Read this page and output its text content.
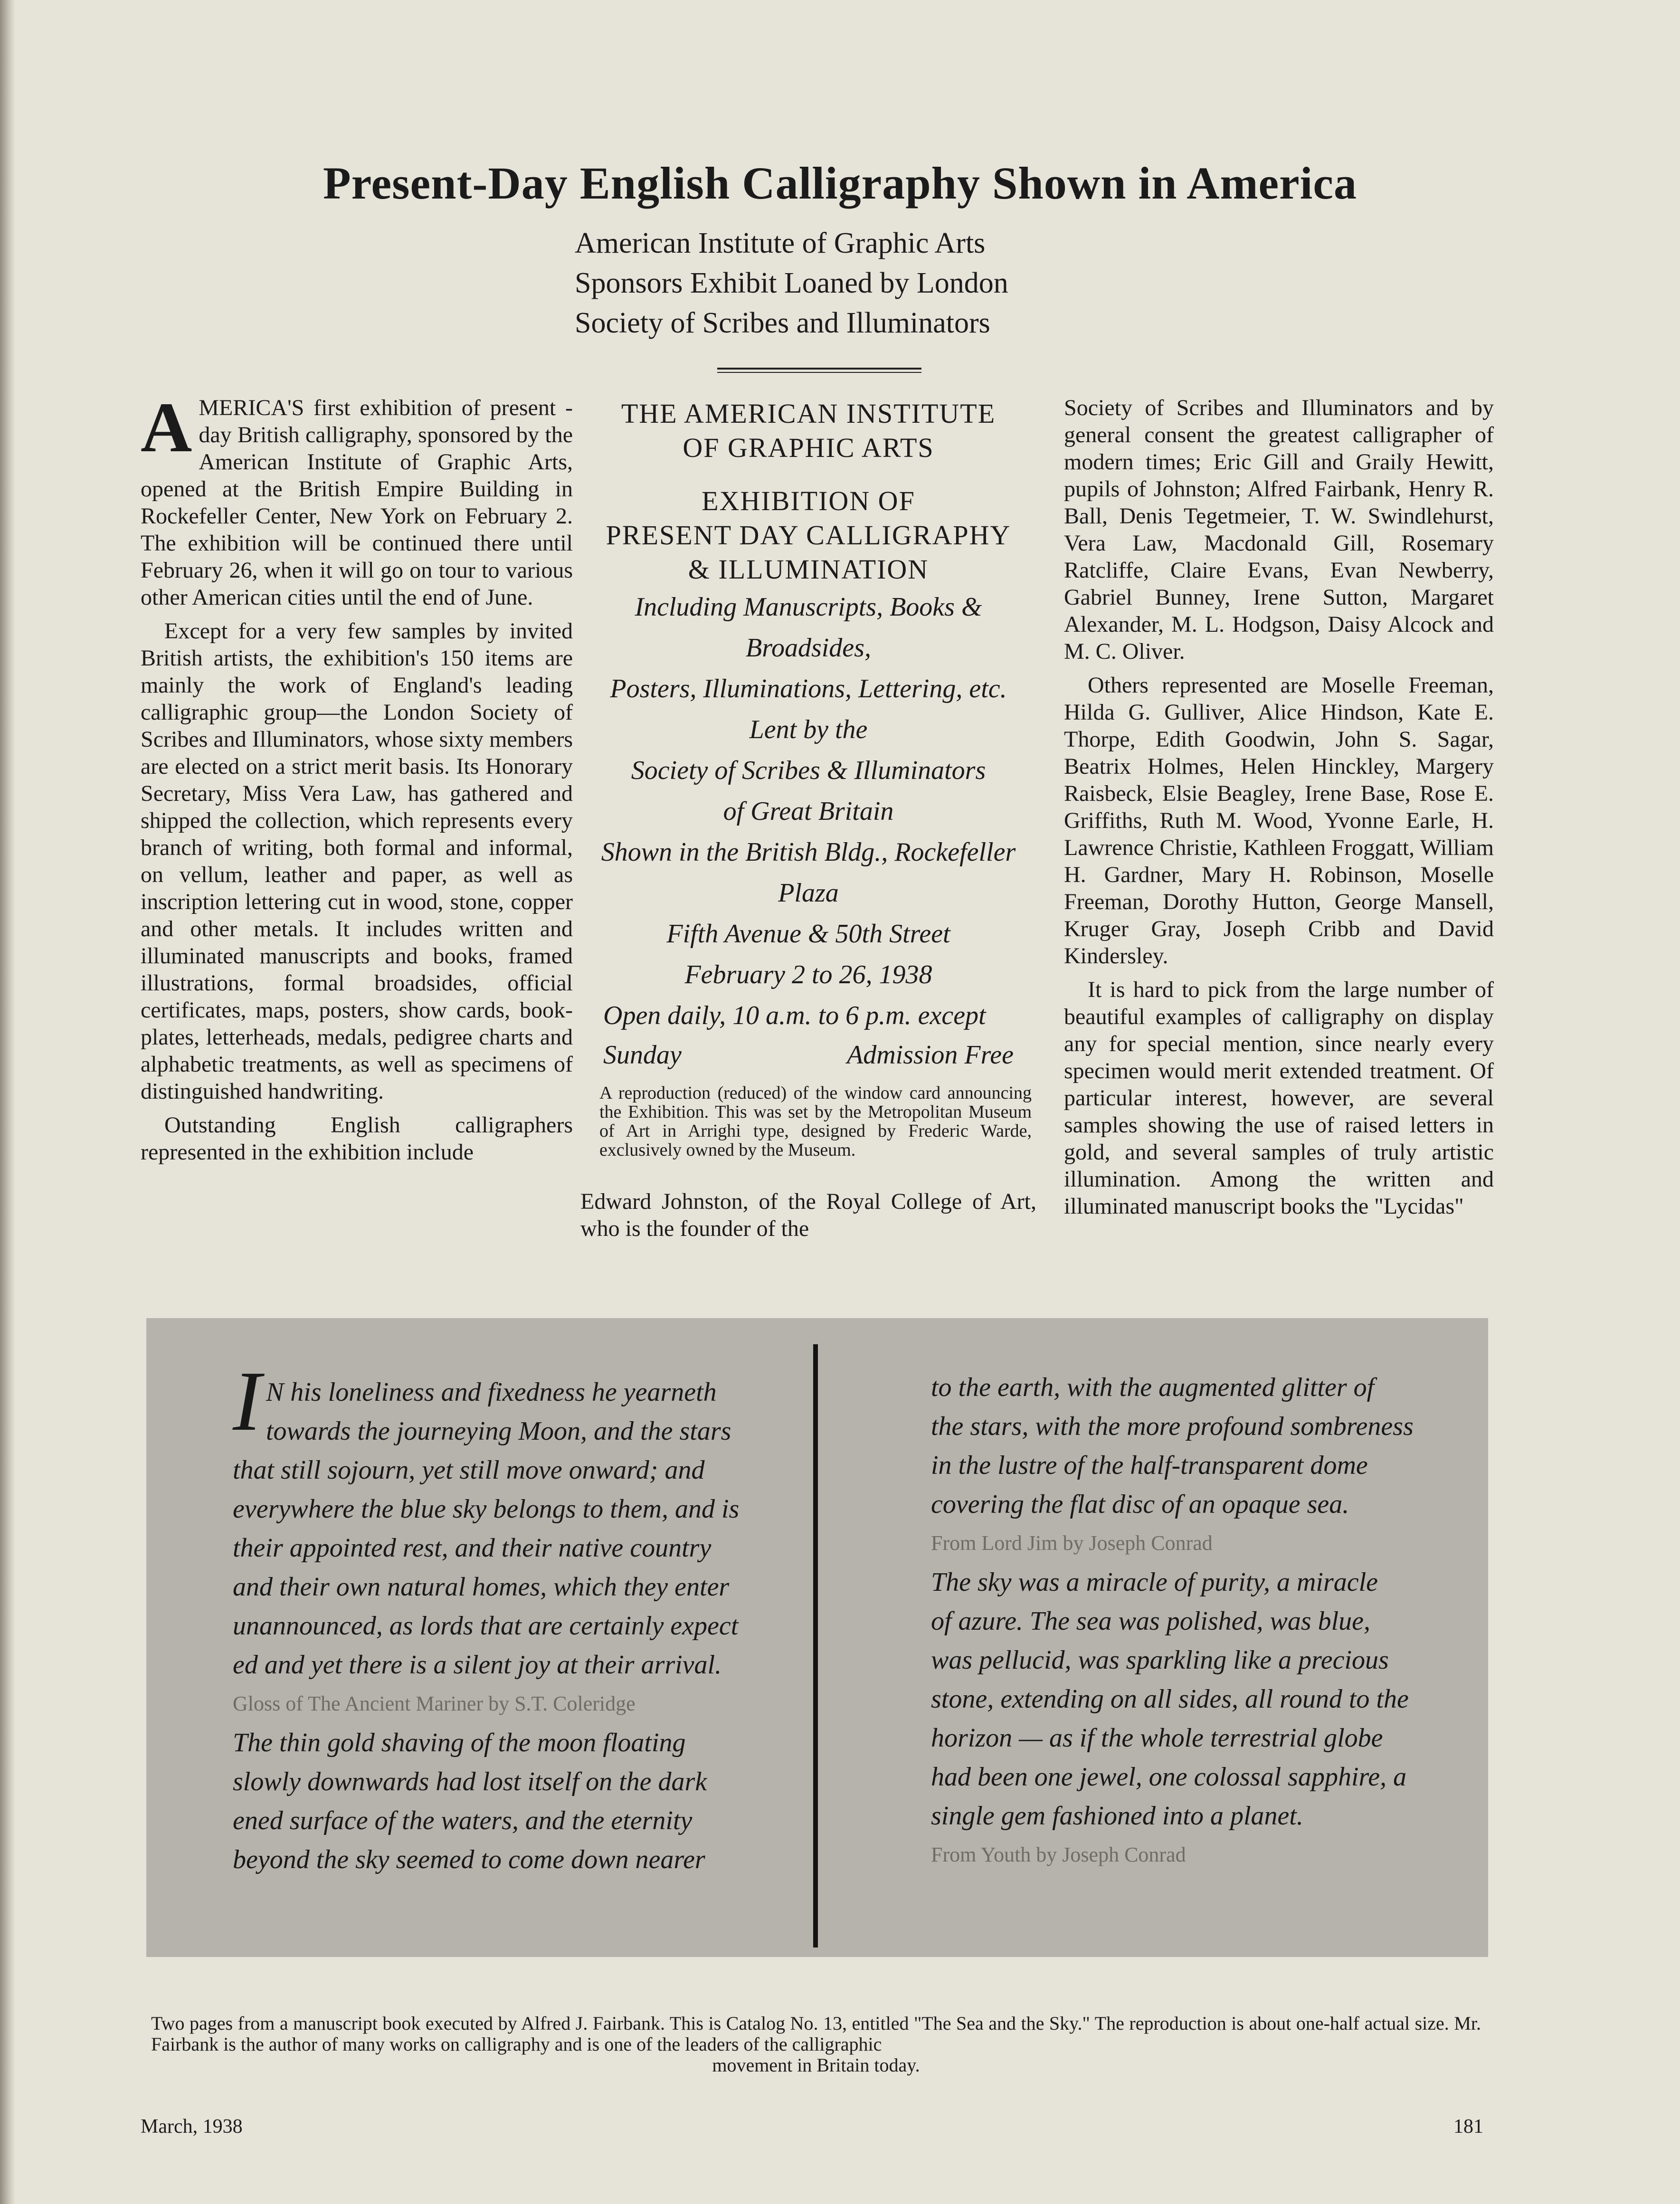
Present-Day English Calligraphy Shown in America
American Institute of Graphic Arts
Sponsors Exhibit Loaned by London
Society of Scribes and Illuminators

AMERICA'S first exhibition of present - day British calligraphy, sponsored by the American Institute of Graphic Arts, opened at the British Empire Building in Rockefeller Center, New York on February 2. The exhibition will be continued there until February 26, when it will go on tour to various other American cities until the end of June.

Except for a very few samples by invited British artists, the exhibition's 150 items are mainly the work of England's leading calligraphic group—the London Society of Scribes and Illuminators, whose sixty members are elected on a strict merit basis. Its Honorary Secretary, Miss Vera Law, has gathered and shipped the collection, which represents every branch of writing, both formal and informal, on vellum, leather and paper, as well as inscription lettering cut in wood, stone, copper and other metals. It includes written and illuminated manuscripts and books, framed illustrations, formal broadsides, official certificates, maps, posters, show cards, book-plates, letterheads, medals, pedigree charts and alphabetic treatments, as well as specimens of distinguished handwriting.

Outstanding English calligraphers represented in the exhibition include

THE AMERICAN INSTITUTE
OF GRAPHIC ARTS
EXHIBITION OF
PRESENT DAY CALLIGRAPHY
& ILLUMINATION
Including Manuscripts, Books & Broadsides,
Posters, Illuminations, Lettering, etc.
Lent by the
Society of Scribes & Illuminators
of Great Britain
Shown in the British Bldg., Rockefeller Plaza
Fifth Avenue & 50th Street
February 2 to 26, 1938
Open daily, 10 a.m. to 6 p.m. except
Sunday	Admission Free
A reproduction (reduced) of the window card announcing the Exhibition. This was set by the Metropolitan Museum of Art in Arrighi type, designed by Frederic Warde, exclusively owned by the Museum.
Edward Johnston, of the Royal College of Art, who is the founder of the

Society of Scribes and Illuminators and by general consent the greatest calligrapher of modern times; Eric Gill and Graily Hewitt, pupils of Johnston; Alfred Fairbank, Henry R. Ball, Denis Tegetmeier, T. W. Swindlehurst, Vera Law, Macdonald Gill, Rosemary Ratcliffe, Claire Evans, Evan Newberry, Gabriel Bunney, Irene Sutton, Margaret Alexander, M. L. Hodgson, Daisy Alcock and M. C. Oliver.

Others represented are Moselle Freeman, Hilda G. Gulliver, Alice Hindson, Kate E. Thorpe, Edith Goodwin, John S. Sagar, Beatrix Holmes, Helen Hinckley, Margery Raisbeck, Elsie Beagley, Irene Base, Rose E. Griffiths, Ruth M. Wood, Yvonne Earle, H. Lawrence Christie, Kathleen Froggatt, William H. Gardner, Mary H. Robinson, Moselle Freeman, Dorothy Hutton, George Mansell, Kruger Gray, Joseph Cribb and David Kindersley.

It is hard to pick from the large number of beautiful examples of calligraphy on display any for special mention, since nearly every specimen would merit extended treatment. Of particular interest, however, are several samples showing the use of raised letters in gold, and several samples of truly artistic illumination. Among the written and illuminated manuscript books the "Lycidas"

I N his loneliness and fixedness he yearneth
towards the journeying Moon, and the stars
that still sojourn, yet still move onward; and
everywhere the blue sky belongs to them, and is
their appointed rest, and their native country
and their own natural homes, which they enter
unannounced, as lords that are certainly expect
ed and yet there is a silent joy at their arrival.
Gloss of The Ancient Mariner by S.T. Coleridge
The thin gold shaving of the moon floating
slowly downwards had lost itself on the dark
ened surface of the waters, and the eternity
beyond the sky seemed to come down nearer
to the earth, with the augmented glitter of
the stars, with the more profound sombreness
in the lustre of the half-transparent dome
covering the flat disc of an opaque sea.
From Lord Jim by Joseph Conrad
The sky was a miracle of purity, a miracle
of azure. The sea was polished, was blue,
was pellucid, was sparkling like a precious
stone, extending on all sides, all round to the
horizon — as if the whole terrestrial globe
had been one jewel, one colossal sapphire, a
single gem fashioned into a planet.
From Youth by Joseph Conrad
Two pages from a manuscript book executed by Alfred J. Fairbank. This is Catalog No. 13, entitled "The Sea and the Sky." The reproduction is about one-half actual size. Mr. Fairbank is the author of many works on calligraphy and is one of the leaders of the calligraphic
movement in Britain today.
March, 1938	181
